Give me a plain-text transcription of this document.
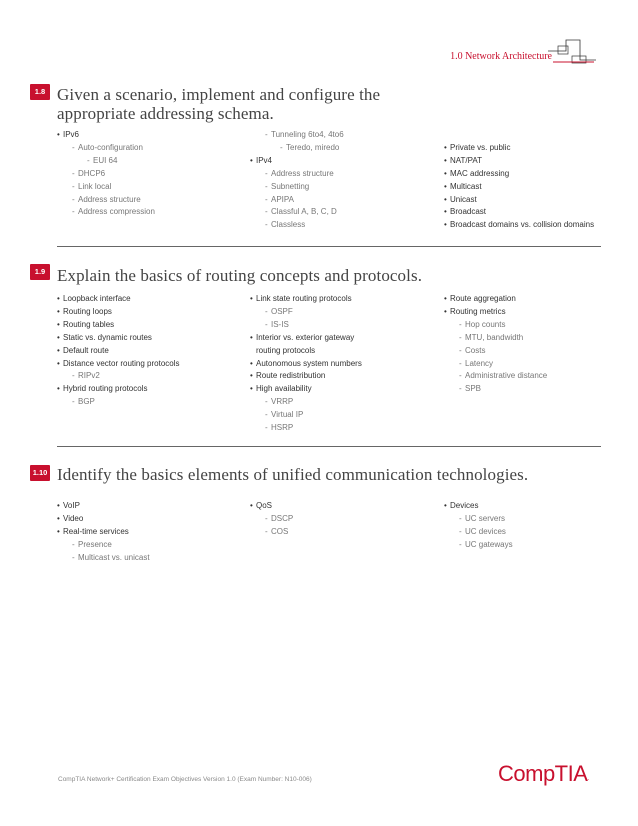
1.0 Network Architecture
1.8 Given a scenario, implement and configure the appropriate addressing schema.
• IPv6
- Auto-configuration
- EUI 64
- DHCP6
- Link local
- Address structure
- Address compression
- Tunneling 6to4, 4to6
- Teredo, miredo
• IPv4
- Address structure
- Subnetting
- APIPA
- Classful A, B, C, D
- Classless

• Private vs. public
• NAT/PAT
• MAC addressing
• Multicast
• Unicast
• Broadcast
• Broadcast domains vs. collision domains
1.9 Explain the basics of routing concepts and protocols.
• Loopback interface
• Routing loops
• Routing tables
• Static vs. dynamic routes
• Default route
• Distance vector routing protocols
- RIPv2
• Hybrid routing protocols
- BGP
• Link state routing protocols
- OSPF
- IS-IS
• Interior vs. exterior gateway
routing protocols
• Autonomous system numbers
• Route redistribution
• High availability
- VRRP
- Virtual IP
- HSRP
• Route aggregation
• Routing metrics
- Hop counts
- MTU, bandwidth
- Costs
- Latency
- Administrative distance
- SPB
1.10 Identify the basics elements of unified communication technologies.
• VoIP
• Video
• Real-time services
- Presence
- Multicast vs. unicast
• QoS
- DSCP
- COS
• Devices
- UC servers
- UC devices
- UC gateways
CompTIA Network+ Certification Exam Objectives Version 1.0 (Exam Number: N10-006)	CompTIA.
